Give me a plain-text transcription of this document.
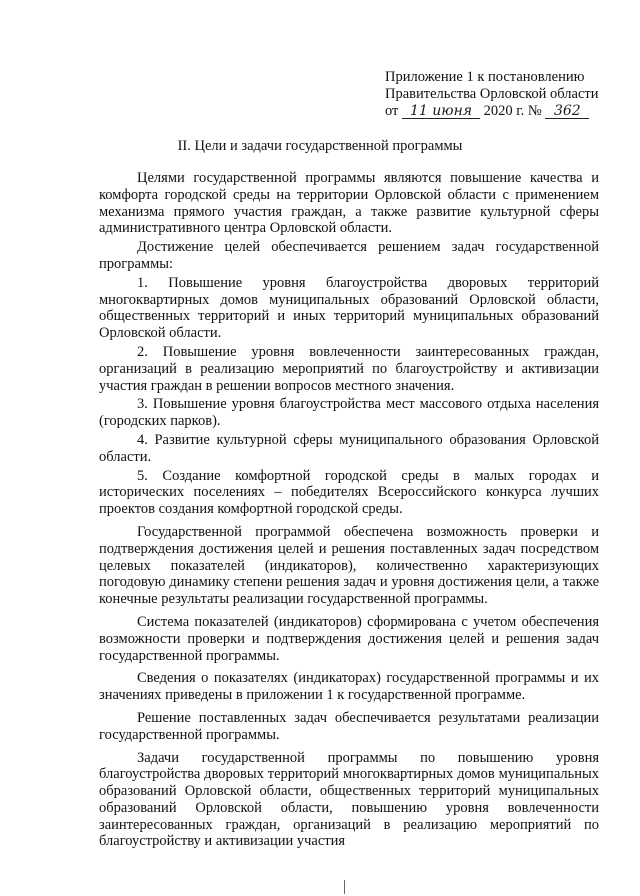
Приложение 1 к постановлению
Правительства Орловской области
от 11 июня 2020 г. № 362
II. Цели и задачи государственной программы

Целями государственной программы являются повышение качества и комфорта городской среды на территории Орловской области с применением механизма прямого участия граждан, а также развитие культурной сферы административного центра Орловской области.

Достижение целей обеспечивается решением задач государственной программы:

1. Повышение уровня благоустройства дворовых территорий многоквартирных домов муниципальных образований Орловской области, общественных территорий и иных территорий муниципальных образований Орловской области.

2. Повышение уровня вовлеченности заинтересованных граждан, организаций в реализацию мероприятий по благоустройству и активизации участия граждан в решении вопросов местного значения.

3. Повышение уровня благоустройства мест массового отдыха населения (городских парков).

4. Развитие культурной сферы муниципального образования Орловской области.

5. Создание комфортной городской среды в малых городах и исторических поселениях – победителях Всероссийского конкурса лучших проектов создания комфортной городской среды.

Государственной программой обеспечена возможность проверки и подтверждения достижения целей и решения поставленных задач посредством целевых показателей (индикаторов), количественно характеризующих погодовую динамику степени решения задач и уровня достижения цели, а также конечные результаты реализации государственной программы.

Система показателей (индикаторов) сформирована с учетом обеспечения возможности проверки и подтверждения достижения целей и решения задач государственной программы.

Сведения о показателях (индикаторах) государственной программы и их значениях приведены в приложении 1 к государственной программе.

Решение поставленных задач обеспечивается результатами реализации государственной программы.

Задачи государственной программы по повышению уровня благоустройства дворовых территорий многоквартирных домов муниципальных образований Орловской области, общественных территорий муниципальных образований Орловской области, повышению уровня вовлеченности заинтересованных граждан, организаций в реализацию мероприятий по благоустройству и активизации участия
